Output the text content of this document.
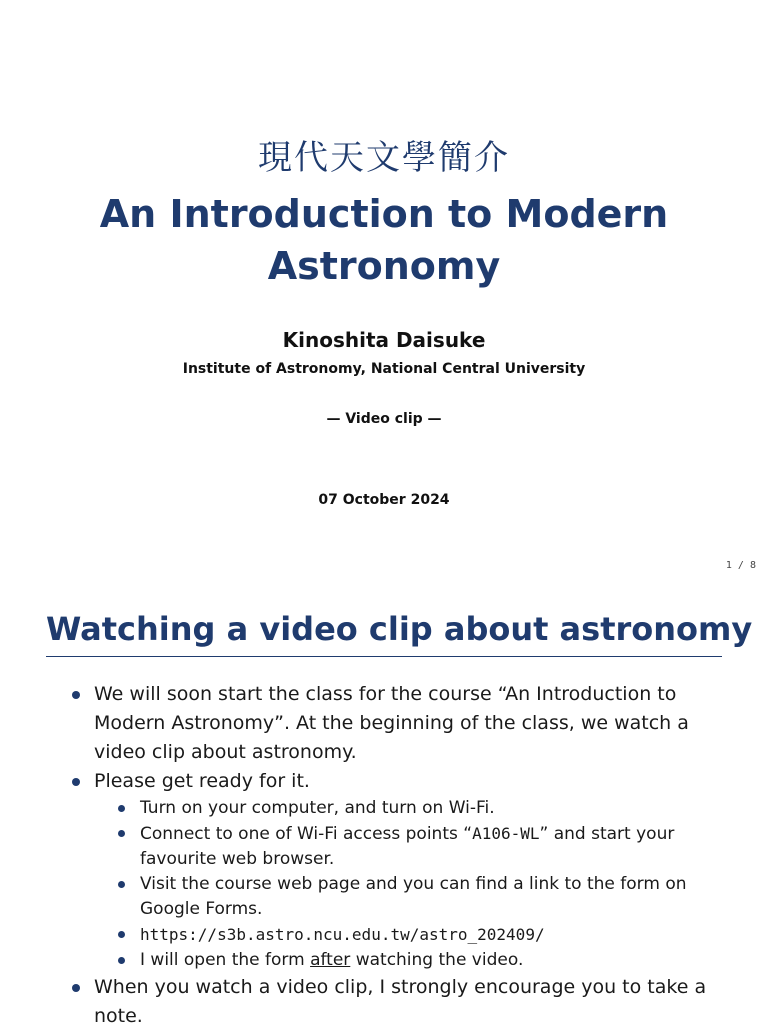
現代天文學簡介
An Introduction to Modern Astronomy
Kinoshita Daisuke
Institute of Astronomy, National Central University
— Video clip —
07 October 2024
1 / 8
Watching a video clip about astronomy
We will soon start the class for the course “An Introduction to Modern Astronomy”. At the beginning of the class, we watch a video clip about astronomy.
Please get ready for it.
Turn on your computer, and turn on Wi-Fi.
Connect to one of Wi-Fi access points “A106-WL” and start your favourite web browser.
Visit the course web page and you can find a link to the form on Google Forms.
https://s3b.astro.ncu.edu.tw/astro_202409/
I will open the form after watching the video.
When you watch a video clip, I strongly encourage you to take a note.
